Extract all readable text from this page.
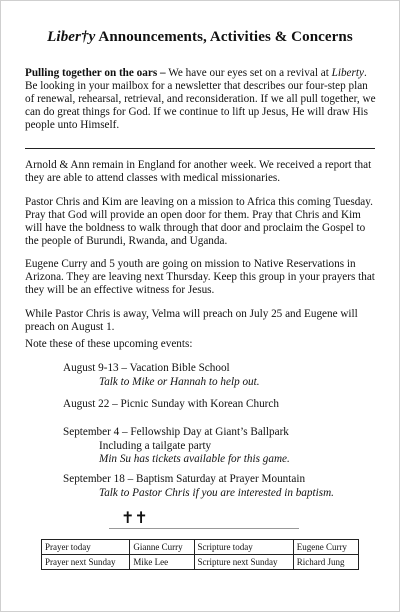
Liber†y Announcements, Activities & Concerns
Pulling together on the oars – We have our eyes set on a revival at Liberty. Be looking in your mailbox for a newsletter that describes our four-step plan of renewal, rehearsal, retrieval, and reconsideration. If we all pull together, we can do great things for God. If we continue to lift up Jesus, He will draw His people unto Himself.
Arnold & Ann remain in England for another week. We received a report that they are able to attend classes with medical missionaries.
Pastor Chris and Kim are leaving on a mission to Africa this coming Tuesday. Pray that God will provide an open door for them. Pray that Chris and Kim will have the boldness to walk through that door and proclaim the Gospel to the people of Burundi, Rwanda, and Uganda.
Eugene Curry and 5 youth are going on mission to Native Reservations in Arizona. They are leaving next Thursday. Keep this group in your prayers that they will be an effective witness for Jesus.
While Pastor Chris is away, Velma will preach on July 25 and Eugene will preach on August 1.
Note these of these upcoming events:
August 9-13 – Vacation Bible School
Talk to Mike or Hannah to help out.
August 22 – Picnic Sunday with Korean Church
September 4 – Fellowship Day at Giant’s Ballpark
Including a tailgate party
Min Su has tickets available for this game.
September 18 – Baptism Saturday at Prayer Mountain
Talk to Pastor Chris if you are interested in baptism.
✝✝
Prayer today	Gianne Curry	Scripture today	Eugene Curry
Prayer next Sunday	Mike Lee	Scripture next Sunday	Richard Jung
